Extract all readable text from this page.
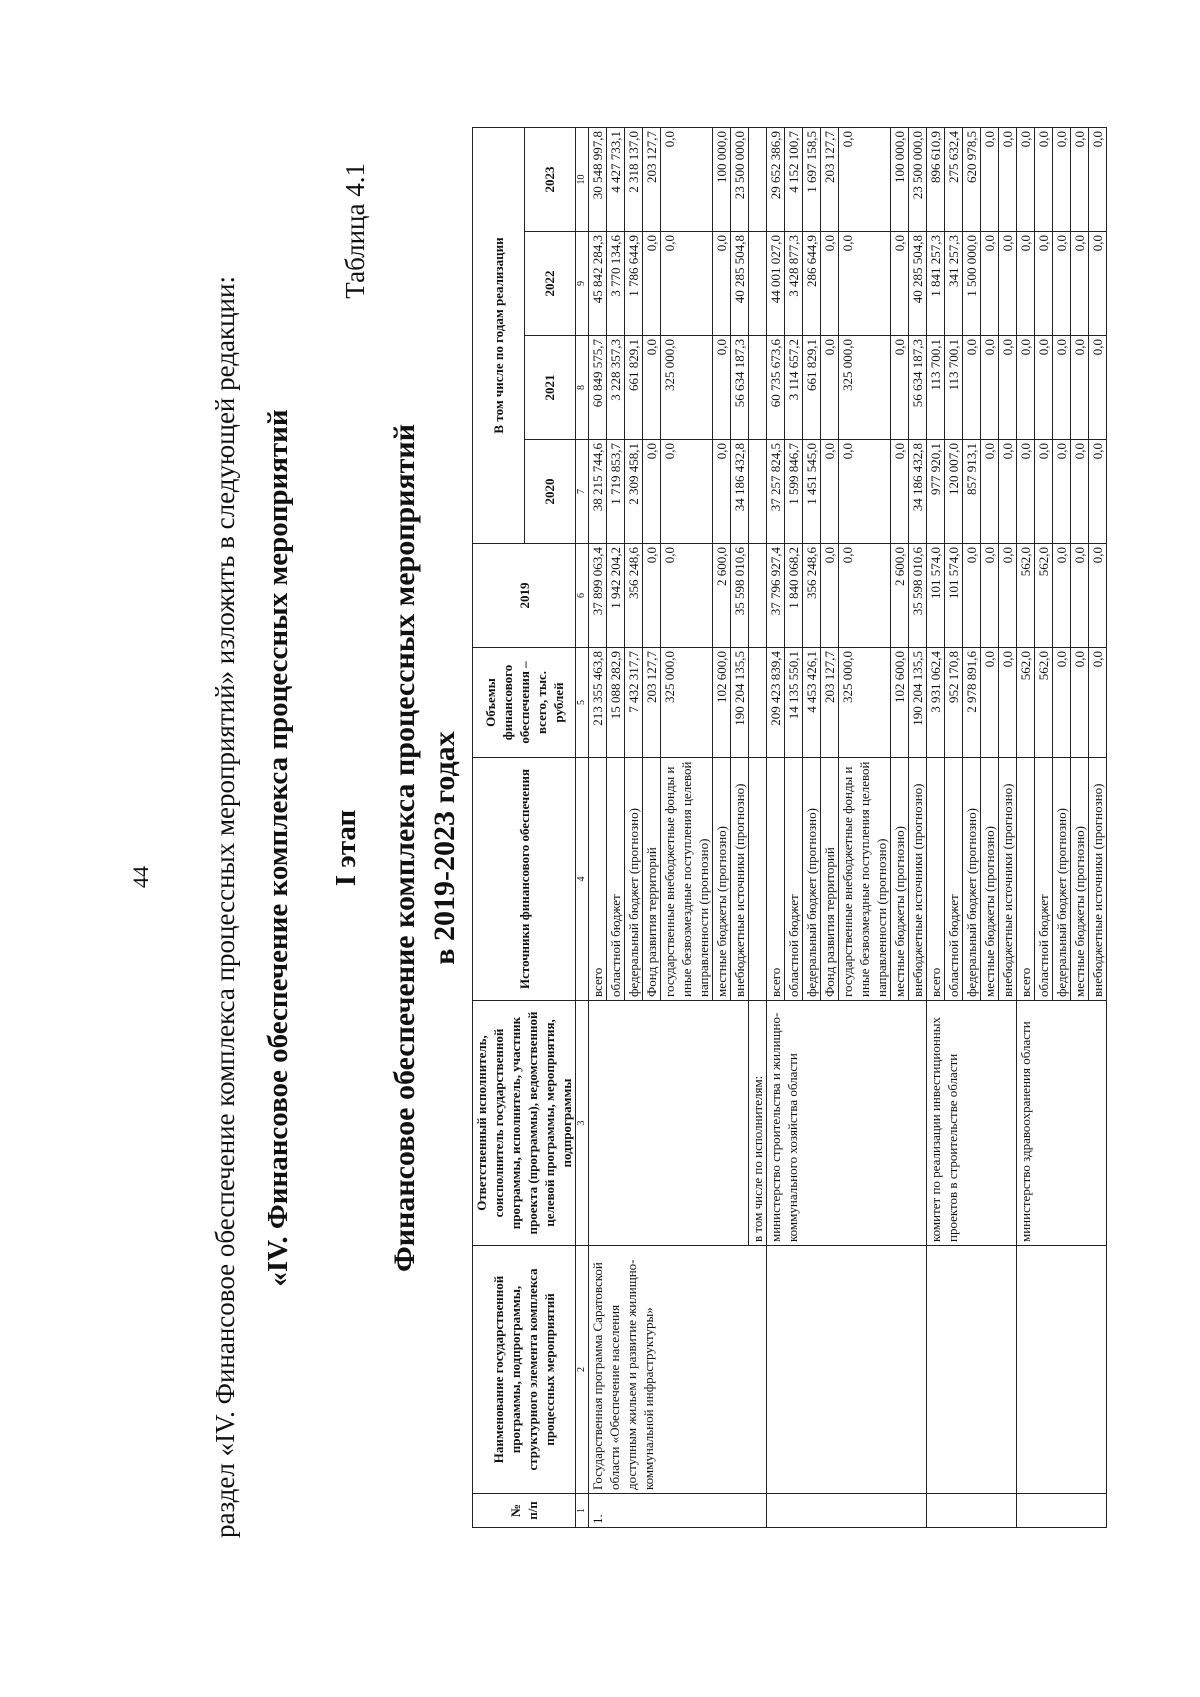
44 раздел «IV. Финансовое обеспечение комплекса процессных мероприятий» изложить в следующей редакции: «IV. Финансовое обеспечение комплекса процессных мероприятий I этап
Таблица 4.1
Финансовое обеспечение комплекса процессных мероприятий в 2019-2023 годах
№ п/п	Наименование государственной программы, подпрограммы, структурного элемента комплекса процессных мероприятий	Ответственный исполнитель, соисполнитель государственной программы, исполнитель, участник проекта (программы), ведомственной целевой программы, мероприятия, подпрограммы	Источники финансового обеспечения	Объемы финансового обеспечения – всего, тыс. рублей	2019	В том числе по годам реализации			
						2020	2021	2022	2023
1	2	3	4	5	6	7	8	9	10
1.	Государственная программа Саратовской области «Обеспечение населения доступным жильем и развитие жилищно-коммунальной инфраструктуры»		всего	213 355 463,8	37 899 063,4	38 215 744,6	60 849 575,7	45 842 284,3	30 548 997,8
			областной бюджет	15 088 282,9	1 942 204,2	1 719 853,7	3 228 357,3	3 770 134,6	4 427 733,1
			федеральный бюджет (прогнозно)	7 432 317,7	356 248,6	2 309 458,1	661 829,1	1 786 644,9	2 318 137,0
			Фонд развития территорий	203 127,7	0,0	0,0	0,0	0,0	203 127,7
			государственные внебюджетные фонды и иные безвозмездные поступления целевой направленности (прогнозно)	325 000,0	0,0	0,0	325 000,0	0,0	0,0
			местные бюджеты (прогнозно)	102 600,0	2 600,0	0,0	0,0	0,0	100 000,0
			внебюджетные источники (прогнозно)	190 204 135,5	35 598 010,6	34 186 432,8	56 634 187,3	40 285 504,8	23 500 000,0
		в том числе по исполнителям:							
		министерство строительства и жилищно-коммунального хозяйства области	всего	209 423 839,4	37 796 927,4	37 257 824,5	60 735 673,6	44 001 027,0	29 652 386,9
			областной бюджет	14 135 550,1	1 840 068,2	1 599 846,7	3 114 657,2	3 428 877,3	4 152 100,7
			федеральный бюджет (прогнозно)	4 453 426,1	356 248,6	1 451 545,0	661 829,1	286 644,9	1 697 158,5
			Фонд развития территорий	203 127,7	0,0	0,0	0,0	0,0	203 127,7
			государственные внебюджетные фонды и иные безвозмездные поступления целевой направленности (прогнозно)	325 000,0	0,0	0,0	325 000,0	0,0	0,0
			местные бюджеты (прогнозно)	102 600,0	2 600,0	0,0	0,0	0,0	100 000,0
			внебюджетные источники (прогнозно)	190 204 135,5	35 598 010,6	34 186 432,8	56 634 187,3	40 285 504,8	23 500 000,0
		комитет по реализации инвестиционных проектов в строительстве области	всего	3 931 062,4	101 574,0	977 920,1	113 700,1	1 841 257,3	896 610,9
			областной бюджет	952 170,8	101 574,0	120 007,0	113 700,1	341 257,3	275 632,4
			федеральный бюджет (прогнозно)	2 978 891,6	0,0	857 913,1	0,0	1 500 000,0	620 978,5
			местные бюджеты (прогнозно)	0,0	0,0	0,0	0,0	0,0	0,0
			внебюджетные источники (прогнозно)	0,0	0,0	0,0	0,0	0,0	0,0
		министерство здравоохранения области	всего	562,0	562,0	0,0	0,0	0,0	0,0
			областной бюджет	562,0	562,0	0,0	0,0	0,0	0,0
			федеральный бюджет (прогнозно)	0,0	0,0	0,0	0,0	0,0	0,0
			местные бюджеты (прогнозно)	0,0	0,0	0,0	0,0	0,0	0,0
			внебюджетные источники (прогнозно)	0,0	0,0	0,0	0,0	0,0	0,0
